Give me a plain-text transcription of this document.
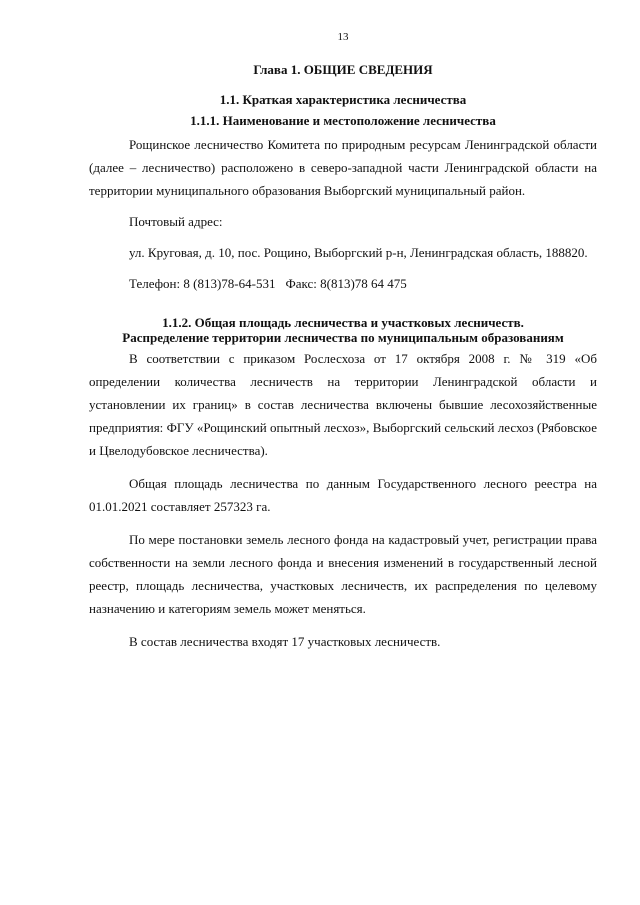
13
Глава 1. ОБЩИЕ СВЕДЕНИЯ
1.1. Краткая характеристика лесничества
1.1.1. Наименование и местоположение лесничества

Рощинское лесничество Комитета по природным ресурсам Ленинградской области (далее – лесничество) расположено в северо-западной части Ленинградской области на территории муниципального образования Выборгский муниципальный район.

Почтовый адрес:

ул. Круговая, д. 10, пос. Рощино, Выборгский р-н, Ленинградская область, 188820.

Телефон: 8 (813)78-64-531 Факс: 8(813)78 64 475

1.1.2. Общая площадь лесничества и участковых лесничеств.
Распределение территории лесничества по муниципальным образованиям

В соответствии с приказом Рослесхоза от 17 октября 2008 г. № 319 «Об определении количества лесничеств на территории Ленинградской области и установлении их границ» в состав лесничества включены бывшие лесохозяйственные предприятия: ФГУ «Рощинский опытный лесхоз», Выборгский сельский лесхоз (Рябовское и Цвелодубовское лесничества).

Общая площадь лесничества по данным Государственного лесного реестра на 01.01.2021 составляет 257323 га.

По мере постановки земель лесного фонда на кадастровый учет, регистрации права собственности на земли лесного фонда и внесения изменений в государственный лесной реестр, площадь лесничества, участковых лесничеств, их распределения по целевому назначению и категориям земель может меняться.

В состав лесничества входят 17 участковых лесничеств.
